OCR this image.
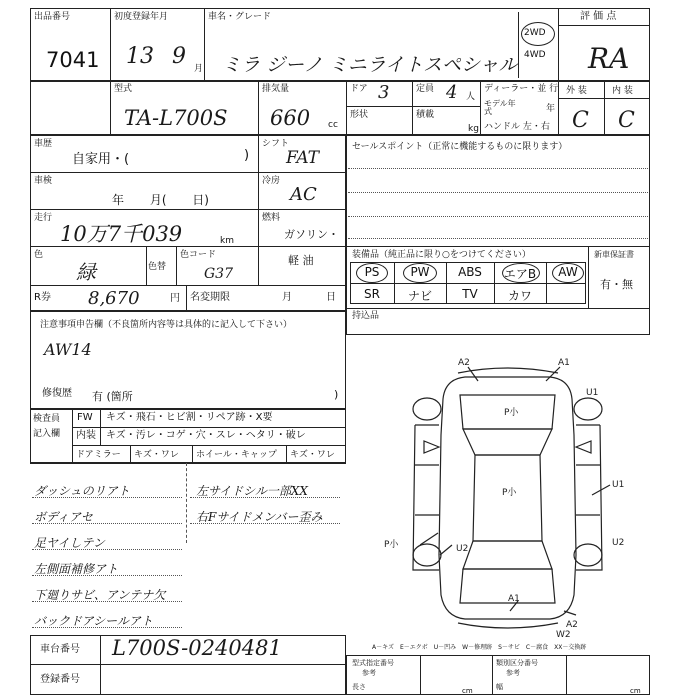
出品番号
7041
初度登録年月
13 9 月
車名・グレード
ミラ ジーノ ミニライトスペシャル
2WD
4WD
評 価 点
RA
型式
TA-L700S
排気量
660 cc
ドア 3	定員 4 人
形状	積載
kg
ディーラー・並 行
モデル年式	年
ハンドル 左・右
外 装	内 装
C C
車歴
自家用・(	)
シフト
FAT
車検
年 月( 日)
冷房
AC
走行
10万7千039	km
燃料
ガソリン・
軽 油
色
緑	色替
色コード
G37
R券 8,670	円 名変期限	月	日
セールスポイント（正常に機能するものに限ります）
装備品（純正品に限り○をつけてください）	新車保証書
有・無
PS	PW	ABS	エアB	AW
SR	ナビ	TV	カワ
持込品
注意事項申告欄（不良箇所内容等は具体的に記入して下さい）
AW14
修復歴 有 (箇所	)
検査員
記入欄
FW キズ・飛石・ヒビ割・リペア跡・X要
内装 キズ・汚レ・コゲ・穴・スレ・ヘタリ・破レ
ドアミラー キズ・ワレ ホイール・キャップ キズ・ワレ
ダッシュのリアト
ボディアセ
足ヤイしテン
左側面補修アト
下廻りサビ、アンテナ欠
バックドアシールアト
左サイドシル一部XX
右Fサイドメンバー歪み
A2	A1
P小
P小
U1
P小	U2
U2
A1
A2
W2
U1
車台番号 L700S-0240481
登録番号
A－キズ　E－エクボ　U－凹み　W－修理跡　S－サビ　C－腐食　XX－交換跡
型式指定番号
参考
類別区分番号
参考
長さ	cm	幅	cm
